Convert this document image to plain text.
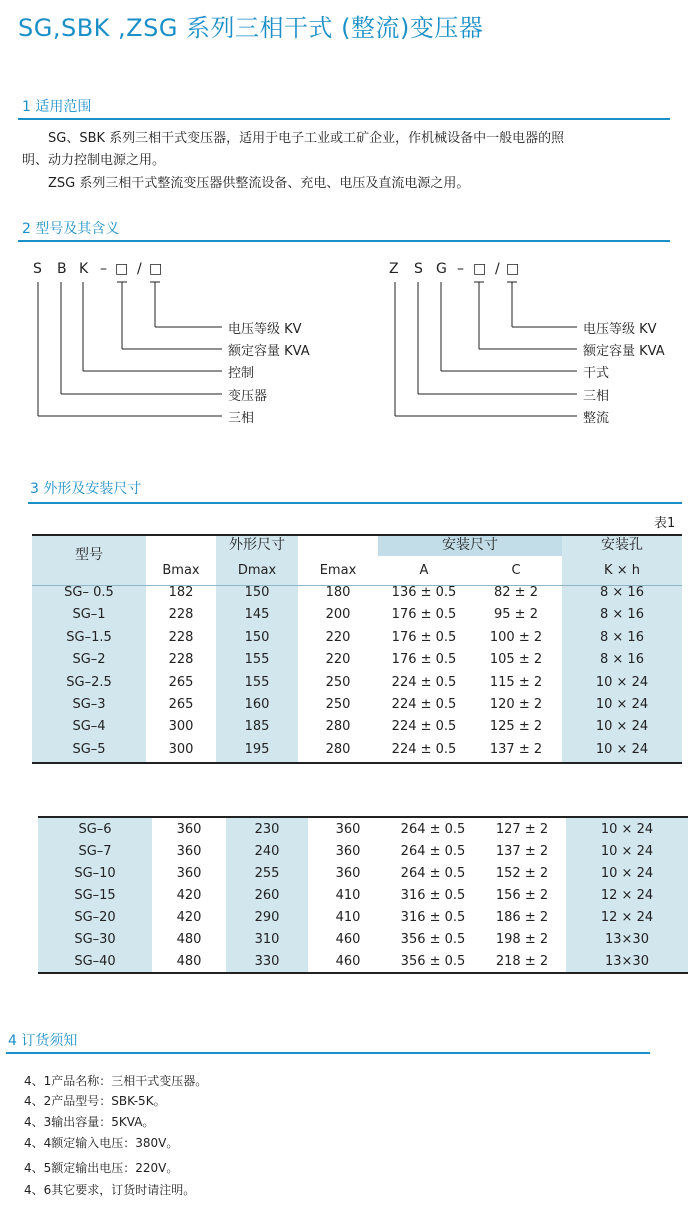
SG,SBK ,ZSG 系列三相干式 (整流)变压器
1 适用范围
SG、SBK 系列三相干式变压器，适用于电子工业或工矿企业，作机械设备中一般电器的照
明、动力控制电源之用。
ZSG 系列三相干式整流变压器供整流设备、充电、电压及直流电源之用。
2 型号及其含义
S B K – □ / □
电压等级 KV
额定容量 KVA
控制
变压器
三相
Z S G – □ / □
电压等级 KV
额定容量 KVA
干式
三相
整流
3 外形及安装尺寸
表1
型号
外形尺寸	安装尺寸	安装孔
Bmax	Dmax	Emax	A	C	K × h
SG– 0.5	182	150	180	136 ± 0.5	82 ± 2	8 × 16
SG–1	228	145	200	176 ± 0.5	95 ± 2	8 × 16
SG–1.5	228	150	220	176 ± 0.5	100 ± 2	8 × 16
SG–2	228	155	220	176 ± 0.5	105 ± 2	8 × 16
SG–2.5	265	155	250	224 ± 0.5	115 ± 2	10 × 24
SG–3	265	160	250	224 ± 0.5	120 ± 2	10 × 24
SG–4	300	185	280	224 ± 0.5	125 ± 2	10 × 24
SG–5	300	195	280	224 ± 0.5	137 ± 2	10 × 24
SG–6	360	230	360	264 ± 0.5	127 ± 2	10 × 24
SG–7	360	240	360	264 ± 0.5	137 ± 2	10 × 24
SG–10	360	255	360	264 ± 0.5	152 ± 2	10 × 24
SG–15	420	260	410	316 ± 0.5	156 ± 2	12 × 24
SG–20	420	290	410	316 ± 0.5	186 ± 2	12 × 24
SG–30	480	310	460	356 ± 0.5	198 ± 2	13×30
SG–40	480	330	460	356 ± 0.5	218 ± 2	13×30
4 订货须知
4、1产品名称：三相干式变压器。
4、2产品型号：SBK-5K。
4、3输出容量：5KVA。
4、4额定输入电压：380V。
4、5额定输出电压：220V。
4、6其它要求，订货时请注明。
